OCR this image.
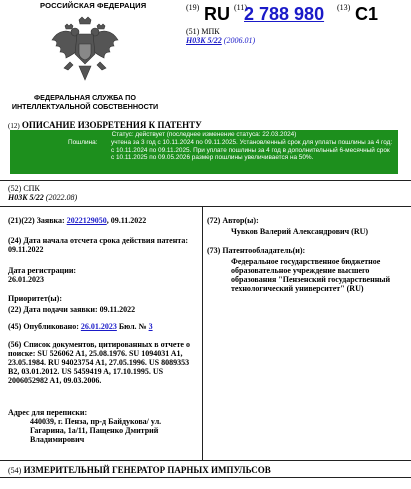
РОССИЙСКАЯ ФЕДЕРАЦИЯ
ФЕДЕРАЛЬНАЯ СЛУЖБА ПО ИНТЕЛЛЕКТУАЛЬНОЙ СОБСТВЕННОСТИ
(19) RU (11)
2 788 980 (13) C1
(51) МПК
H03K 5/22 (2006.01)
(12) ОПИСАНИЕ ИЗОБРЕТЕНИЯ К ПАТЕНТУ
Статус: действует (последнее изменение статуса: 22.03.2024)
Пошлина: учтена за 3 год с 10.11.2024 по 09.11.2025. Установленный срок для уплаты пошлины за 4 год: с 10.11.2024 по 09.11.2025. При уплате пошлины за 4 год в дополнительный 6-месячный срок с 10.11.2025 по 09.05.2026 размер пошлины увеличивается на 50%.
(52) СПК
H03K 5/22 (2022.08)
(21)(22) Заявка: 2022129050, 09.11.2022
(24) Дата начала отсчета срока действия патента:
09.11.2022
Дата регистрации:
26.01.2023
Приоритет(ы):
(22) Дата подачи заявки: 09.11.2022
(45) Опубликовано: 26.01.2023 Бюл. № 3
(56) Список документов, цитированных в отчете о поиске: SU 526062 A1, 25.08.1976. SU 1094031 A1, 23.05.1984. RU 94023754 A1, 27.05.1996. US 8089353 B2, 03.01.2012. US 5459419 A, 17.10.1995. US 2006052982 A1, 09.03.2006.
Адрес для переписки:
440039, г. Пенза, пр-д Байдукова/ ул. Гагарина, 1а/11, Пащенко Дмитрий Владимирович
(72) Автор(ы):
Чувков Валерий Александрович (RU)
(73) Патентообладатель(и):
Федеральное государственное бюджетное образовательное учреждение высшего образования "Пензенский государственный технологический университет" (RU)
(54) ИЗМЕРИТЕЛЬНЫЙ ГЕНЕРАТОР ПАРНЫХ ИМПУЛЬСОВ
